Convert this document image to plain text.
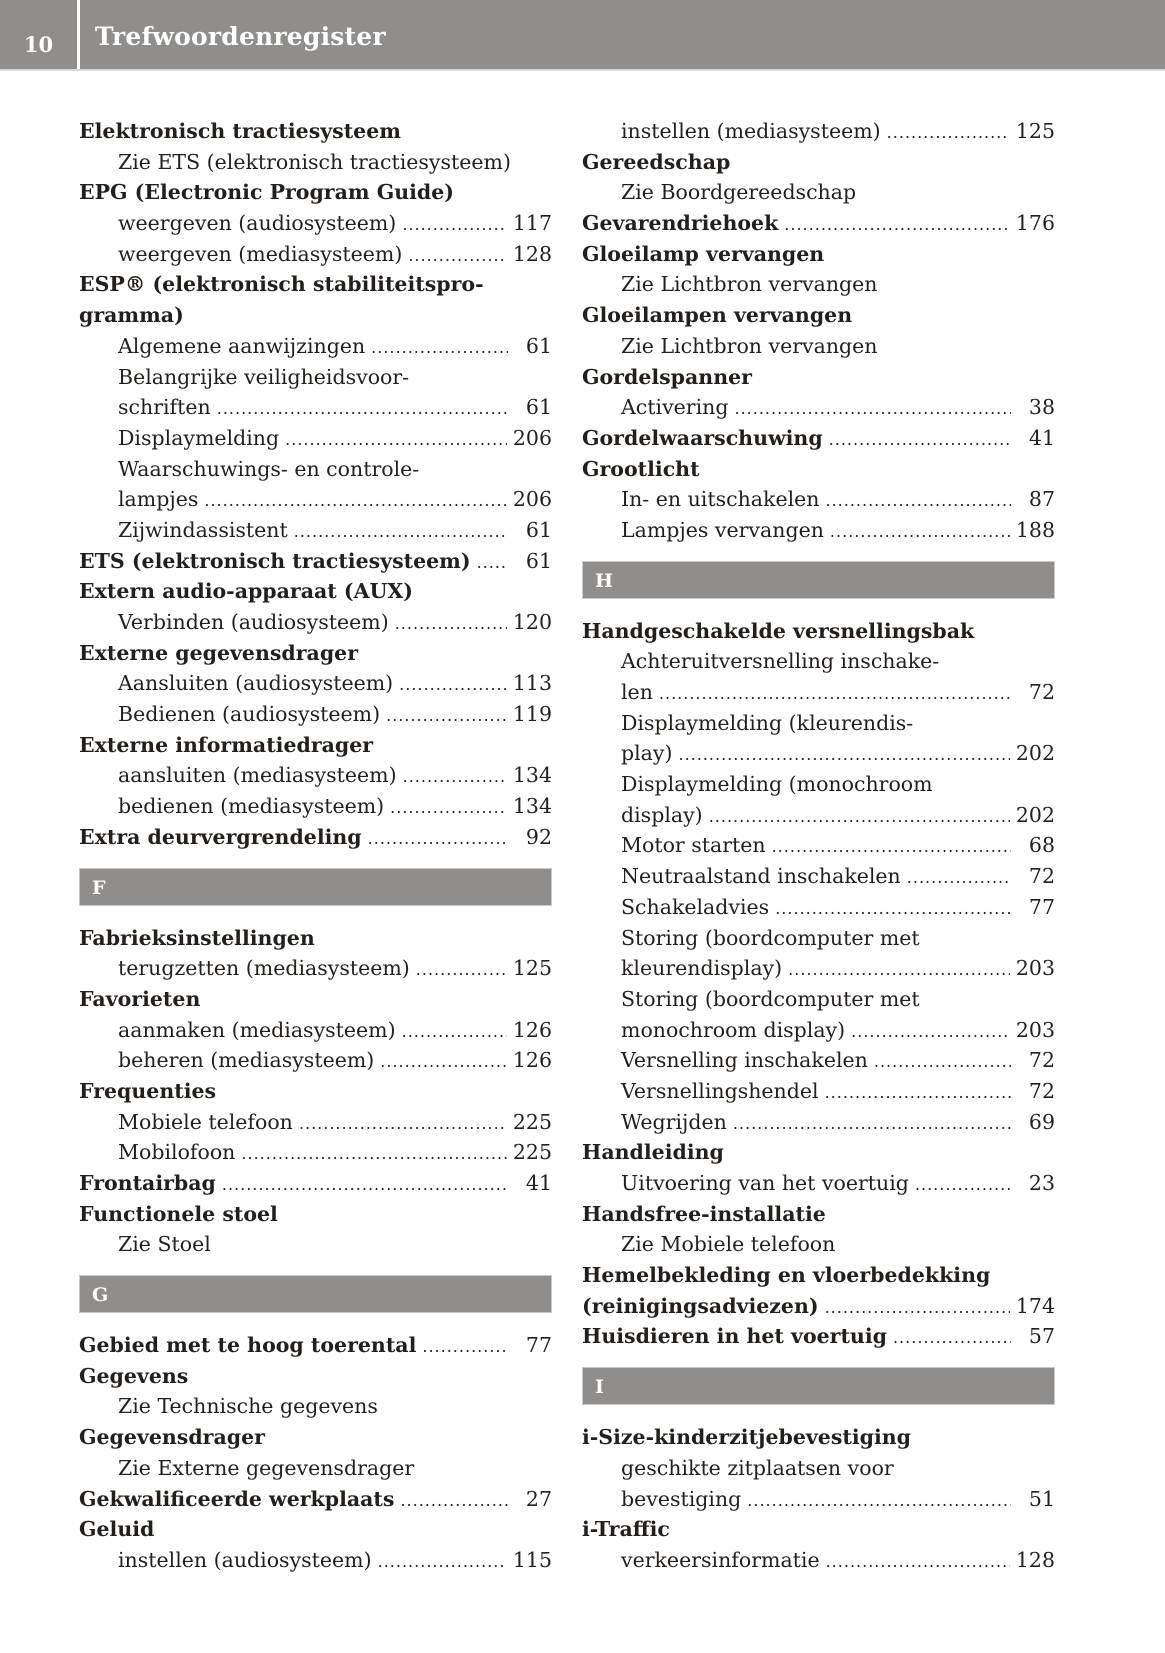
10	Trefwoordenregister
Elektronisch tractiesysteem
Zie ETS (elektronisch tractiesysteem)
EPG (Electronic Program Guide)
weergeven (audiosysteem) .....	117
weergeven (mediasysteem) .....	128
ESP® (elektronisch stabiliteitspro-
gramma)
Algemene aanwijzingen .....	61
Belangrijke veiligheidsvoor-
schriften .....	61
Displaymelding .....	206
Waarschuwings- en controle-
lampjes .....	206
Zijwindassistent .....	61
ETS (elektronisch tractiesysteem) .....	61
Extern audio-apparaat (AUX)
Verbinden (audiosysteem) .....	120
Externe gegevensdrager
Aansluiten (audiosysteem) .....	113
Bedienen (audiosysteem) .....	119
Externe informatiedrager
aansluiten (mediasysteem) .....	134
bedienen (mediasysteem) .....	134
Extra deurvergrendeling .....	92
F
Fabrieksinstellingen
terugzetten (mediasysteem) .....	125
Favorieten
aanmaken (mediasysteem) .....	126
beheren (mediasysteem) .....	126
Frequenties
Mobiele telefoon .....	225
Mobilofoon .....	225
Frontairbag .....	41
Functionele stoel
Zie Stoel
G
Gebied met te hoog toerental .....	77
Gegevens
Zie Technische gegevens
Gegevensdrager
Zie Externe gegevensdrager
Gekwalificeerde werkplaats .....	27
Geluid
instellen (audiosysteem) .....	115
instellen (mediasysteem) .....	125
Gereedschap
Zie Boordgereedschap
Gevarendriehoek .....	176
Gloeilamp vervangen
Zie Lichtbron vervangen
Gloeilampen vervangen
Zie Lichtbron vervangen
Gordelspanner
Activering .....	38
Gordelwaarschuwing .....	41
Grootlicht
In- en uitschakelen .....	87
Lampjes vervangen .....	188
H
Handgeschakelde versnellingsbak
Achteruitversnelling inschake-
len .....	72
Displaymelding (kleurendis-
play) .....	202
Displaymelding (monochroom
display) .....	202
Motor starten .....	68
Neutraalstand inschakelen .....	72
Schakeladvies .....	77
Storing (boordcomputer met
kleurendisplay) .....	203
Storing (boordcomputer met
monochroom display) .....	203
Versnelling inschakelen .....	72
Versnellingshendel .....	72
Wegrijden .....	69
Handleiding
Uitvoering van het voertuig .....	23
Handsfree-installatie
Zie Mobiele telefoon
Hemelbekleding en vloerbedekking
(reinigingsadviezen) .....	174
Huisdieren in het voertuig .....	57
I
i-Size-kinderzitjebevestiging
geschikte zitplaatsen voor
bevestiging .....	51
i-Traffic
verkeersinformatie .....	128
